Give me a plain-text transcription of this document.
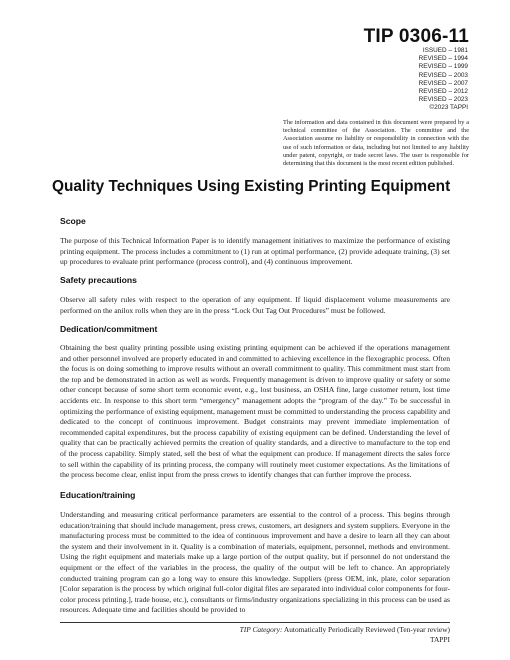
TIP 0306-11
ISSUED – 1981
REVISED – 1994
REVISED – 1999
REVISED – 2003
REVISED – 2007
REVISED – 2012
REVISED – 2023
©2023 TAPPI
The information and data contained in this document were prepared by a technical committee of the Association. The committee and the Association assume no liability or responsibility in connection with the use of such information or data, including but not limited to any liability under patent, copyright, or trade secret laws. The user is responsible for determining that this document is the most recent edition published.
Quality Techniques Using Existing Printing Equipment
Scope

The purpose of this Technical Information Paper is to identify management initiatives to maximize the performance of existing printing equipment. The process includes a commitment to (1) run at optimal performance, (2) provide adequate training, (3) set up procedures to evaluate print performance (process control), and (4) continuous improvement.

Safety precautions

Observe all safety rules with respect to the operation of any equipment. If liquid displacement volume measurements are performed on the anilox rolls when they are in the press “Lock Out Tag Out Procedures” must be followed.

Dedication/commitment

Obtaining the best quality printing possible using existing printing equipment can be achieved if the operations management and other personnel involved are properly educated in and committed to achieving excellence in the flexographic process. Often the focus is on doing something to improve results without an overall commitment to quality. This commitment must start from the top and be demonstrated in action as well as words. Frequently management is driven to improve quality or safety or some other concept because of some short term economic event, e.g., lost business, an OSHA fine, large customer return, lost time accidents etc. In response to this short term “emergency” management adopts the “program of the day.” To be successful in optimizing the performance of existing equipment, management must be committed to understanding the process capability and dedicated to the concept of continuous improvement. Budget constraints may prevent immediate implementation of recommended capital expenditures, but the process capability of existing equipment can be defined. Understanding the level of quality that can be practically achieved permits the creation of quality standards, and a directive to manufacture to the top end of the process capability. Simply stated, sell the best of what the equipment can produce. If management directs the sales force to sell within the capability of its printing process, the company will routinely meet customer expectations. As the limitations of the process become clear, enlist input from the press crews to identify changes that can further improve the process.

Education/training

Understanding and measuring critical performance parameters are essential to the control of a process. This begins through education/training that should include management, press crews, customers, art designers and system suppliers. Everyone in the manufacturing process must be committed to the idea of continuous improvement and have a desire to learn all they can about the system and their involvement in it. Quality is a combination of materials, equipment, personnel, methods and environment. Using the right equipment and materials make up a large portion of the output quality, but if personnel do not understand the equipment or the effect of the variables in the process, the quality of the output will be left to chance. An appropriately conducted training program can go a long way to ensure this knowledge. Suppliers (press OEM, ink, plate, color separation [Color separation is the process by which original full-color digital files are separated into individual color components for four-color process printing.], trade house, etc.), consultants or firms/industry organizations specializing in this process can be used as resources. Adequate time and facilities should be provided to

TIP Category: Automatically Periodically Reviewed (Ten-year review)
TAPPI
